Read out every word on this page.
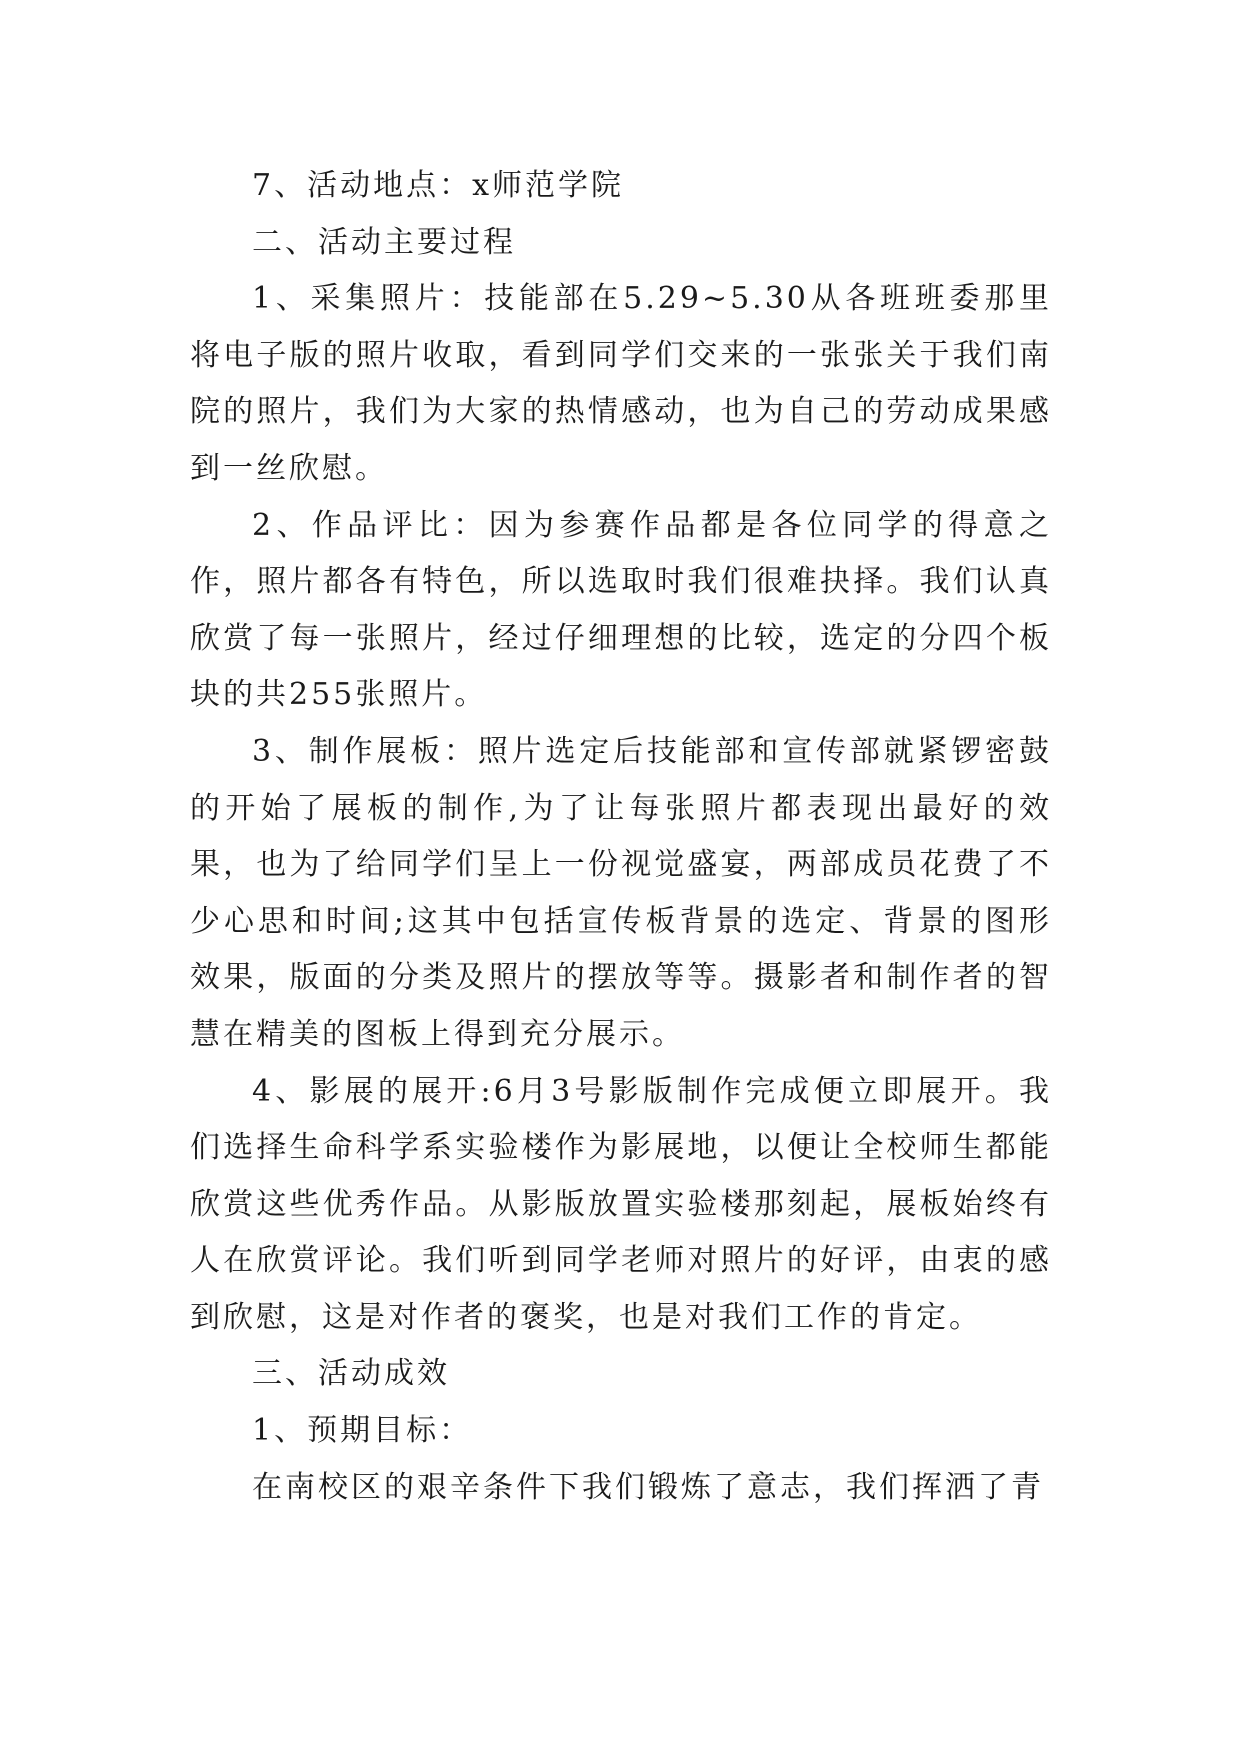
7、活动地点：x师范学院

二、活动主要过程

1、采集照片：技能部在5.29~5.30从各班班委那里将电子版的照片收取，看到同学们交来的一张张关于我们南院的照片，我们为大家的热情感动，也为自己的劳动成果感到一丝欣慰。

2、作品评比：因为参赛作品都是各位同学的得意之作，照片都各有特色，所以选取时我们很难抉择。我们认真欣赏了每一张照片，经过仔细理想的比较，选定的分四个板块的共255张照片。

3、制作展板：照片选定后技能部和宣传部就紧锣密鼓的开始了展板的制作,为了让每张照片都表现出最好的效果，也为了给同学们呈上一份视觉盛宴，两部成员花费了不少心思和时间;这其中包括宣传板背景的选定、背景的图形效果，版面的分类及照片的摆放等等。摄影者和制作者的智慧在精美的图板上得到充分展示。

4、影展的展开:6月3号影版制作完成便立即展开。我们选择生命科学系实验楼作为影展地，以便让全校师生都能欣赏这些优秀作品。从影版放置实验楼那刻起，展板始终有人在欣赏评论。我们听到同学老师对照片的好评，由衷的感到欣慰，这是对作者的褒奖，也是对我们工作的肯定。

三、活动成效

1、预期目标：

在南校区的艰辛条件下我们锻炼了意志，我们挥洒了青
